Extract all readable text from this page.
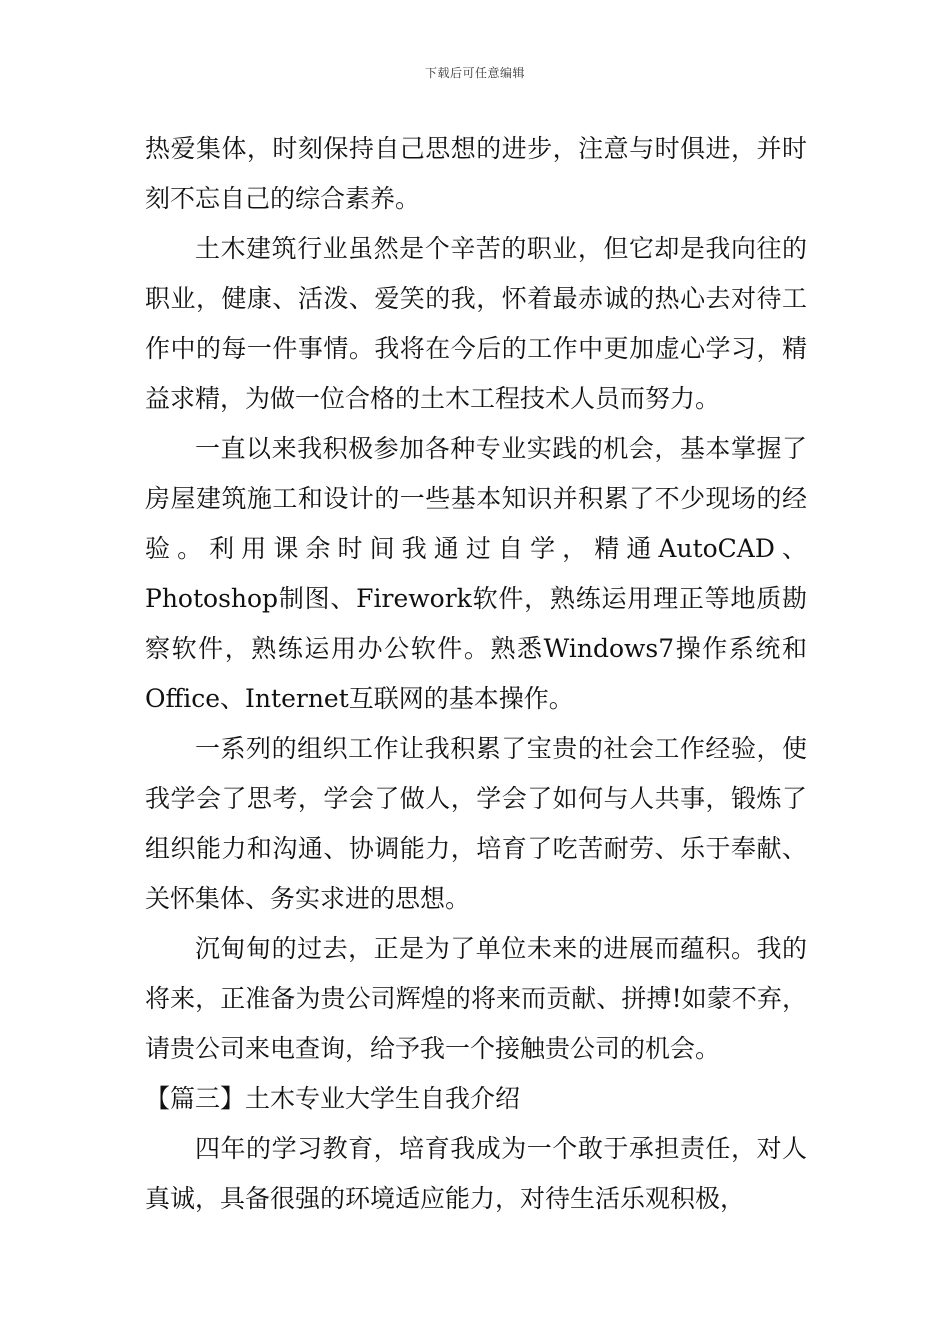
下载后可任意编辑

热爱集体，时刻保持自己思想的进步，注意与时俱进，并时刻不忘自己的综合素养。

土木建筑行业虽然是个辛苦的职业，但它却是我向往的职业，健康、活泼、爱笑的我，怀着最赤诚的热心去对待工作中的每一件事情。我将在今后的工作中更加虚心学习，精益求精，为做一位合格的土木工程技术人员而努力。

一直以来我积极参加各种专业实践的机会，基本掌握了房屋建筑施工和设计的一些基本知识并积累了不少现场的经验。利用课余时间我通过自学，精通AutoCAD、Photoshop制图、Firework软件，熟练运用理正等地质勘察软件，熟练运用办公软件。熟悉Windows7操作系统和Office、Internet互联网的基本操作。

一系列的组织工作让我积累了宝贵的社会工作经验，使我学会了思考，学会了做人，学会了如何与人共事，锻炼了组织能力和沟通、协调能力，培育了吃苦耐劳、乐于奉献、关怀集体、务实求进的思想。

沉甸甸的过去，正是为了单位未来的进展而蕴积。我的将来，正准备为贵公司辉煌的将来而贡献、拼搏!如蒙不弃，请贵公司来电查询，给予我一个接触贵公司的机会。

【篇三】土木专业大学生自我介绍

四年的学习教育，培育我成为一个敢于承担责任，对人真诚，具备很强的环境适应能力，对待生活乐观积极，
